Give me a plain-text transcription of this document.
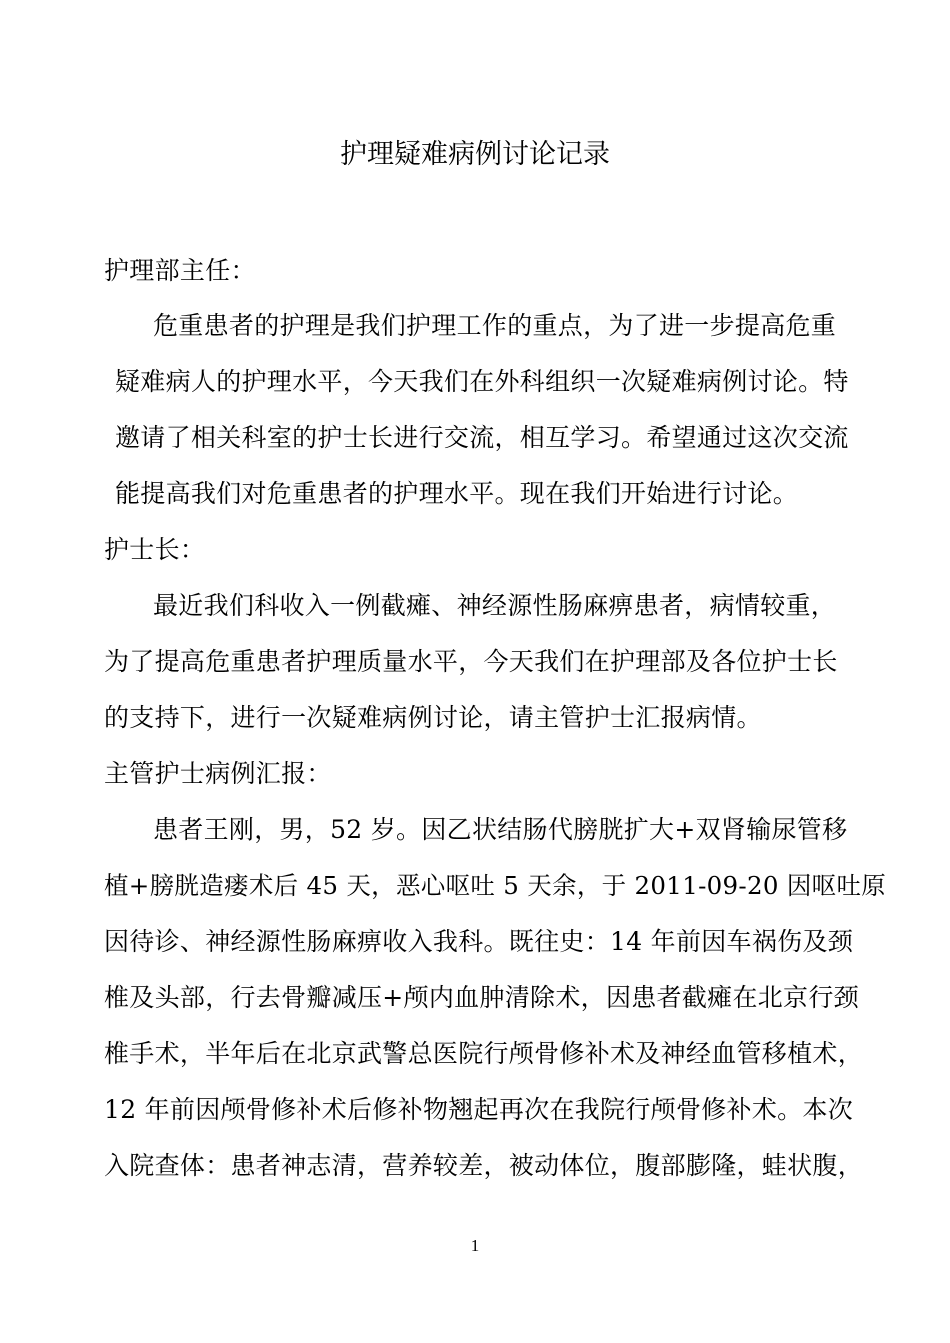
护理疑难病例讨论记录
护理部主任：
危重患者的护理是我们护理工作的重点，为了进一步提高危重
疑难病人的护理水平，今天我们在外科组织一次疑难病例讨论。特
邀请了相关科室的护士长进行交流，相互学习。希望通过这次交流
能提高我们对危重患者的护理水平。现在我们开始进行讨论。
护士长：
最近我们科收入一例截瘫、神经源性肠麻痹患者，病情较重，
为了提高危重患者护理质量水平，今天我们在护理部及各位护士长
的支持下，进行一次疑难病例讨论，请主管护士汇报病情。
主管护士病例汇报：
患者王刚，男，52 岁。因乙状结肠代膀胱扩大+双肾输尿管移
植+膀胱造瘘术后 45 天，恶心呕吐 5 天余，于 2011-09-20 因呕吐原
因待诊、神经源性肠麻痹收入我科。既往史：14 年前因车祸伤及颈
椎及头部，行去骨瓣减压+颅内血肿清除术，因患者截瘫在北京行颈
椎手术，半年后在北京武警总医院行颅骨修补术及神经血管移植术，
12 年前因颅骨修补术后修补物翘起再次在我院行颅骨修补术。本次
入院查体：患者神志清，营养较差，被动体位，腹部膨隆，蛙状腹，
1
